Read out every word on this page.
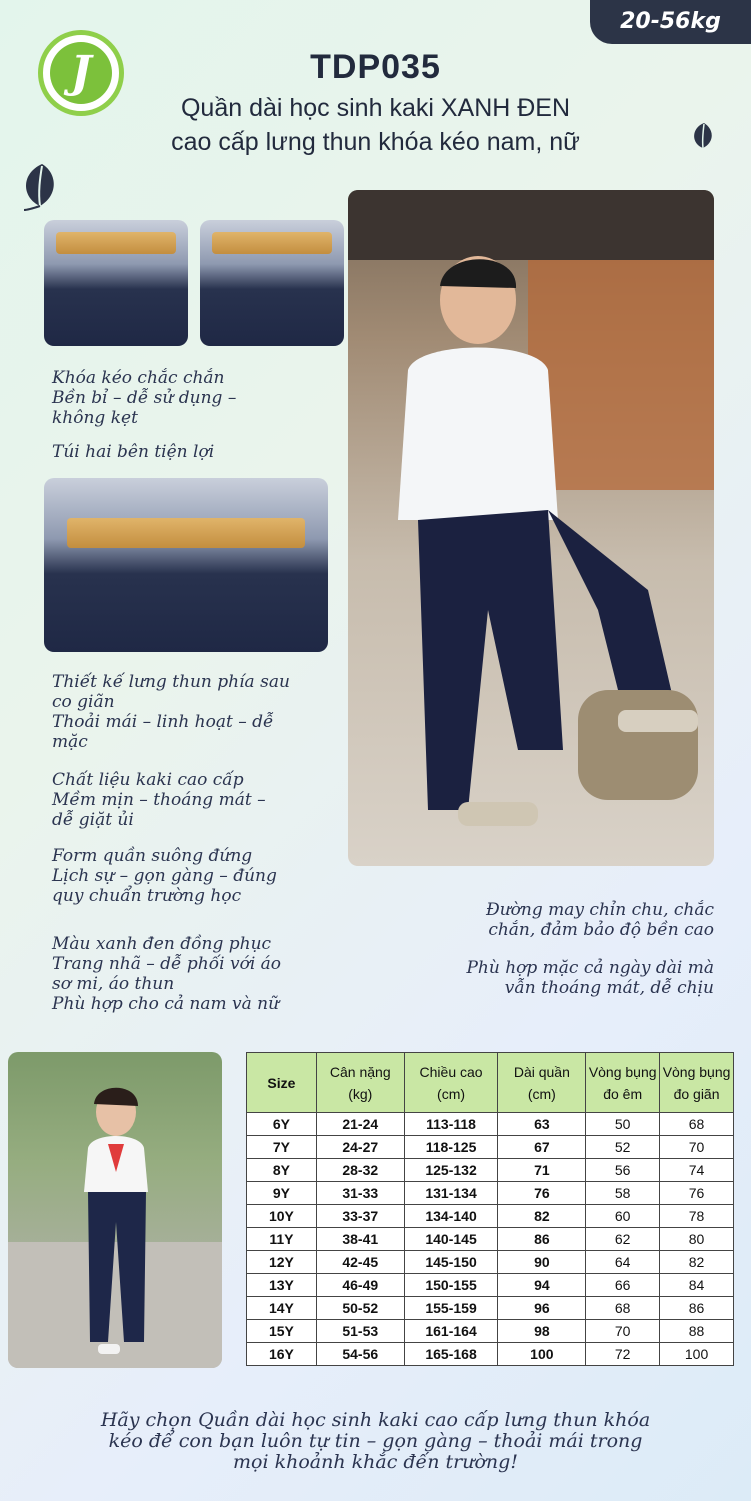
20-56kg
J	TDP035
Quần dài học sinh kaki XANH ĐEN
cao cấp lưng thun khóa kéo nam, nữ
Khóa kéo chắc chắn
Bền bỉ – dễ sử dụng –
không kẹt
Túi hai bên tiện lợi
Thiết kế lưng thun phía sau
co giãn
Thoải mái – linh hoạt – dễ
mặc
Chất liệu kaki cao cấp
Mềm mịn – thoáng mát –
dễ giặt ủi
Form quần suông đứng
Lịch sự – gọn gàng – đúng
quy chuẩn trường học
Màu xanh đen đồng phục
Trang nhã – dễ phối với áo
sơ mi, áo thun
Phù hợp cho cả nam và nữ
Đường may chỉn chu, chắc
chắn, đảm bảo độ bền cao
Phù hợp mặc cả ngày dài mà
vẫn thoáng mát, dễ chịu
Size	Cân nặng (kg)	Chiều cao (cm)	Dài quần (cm)	Vòng bụng đo êm	Vòng bụng đo giãn
6Y	21-24	113-118	63	50	68
7Y	24-27	118-125	67	52	70
8Y	28-32	125-132	71	56	74
9Y	31-33	131-134	76	58	76
10Y	33-37	134-140	82	60	78
11Y	38-41	140-145	86	62	80
12Y	42-45	145-150	90	64	82
13Y	46-49	150-155	94	66	84
14Y	50-52	155-159	96	68	86
15Y	51-53	161-164	98	70	88
16Y	54-56	165-168	100	72	100
Hãy chọn Quần dài học sinh kaki cao cấp lưng thun khóa
kéo để con bạn luôn tự tin – gọn gàng – thoải mái trong
mọi khoảnh khắc đến trường!
